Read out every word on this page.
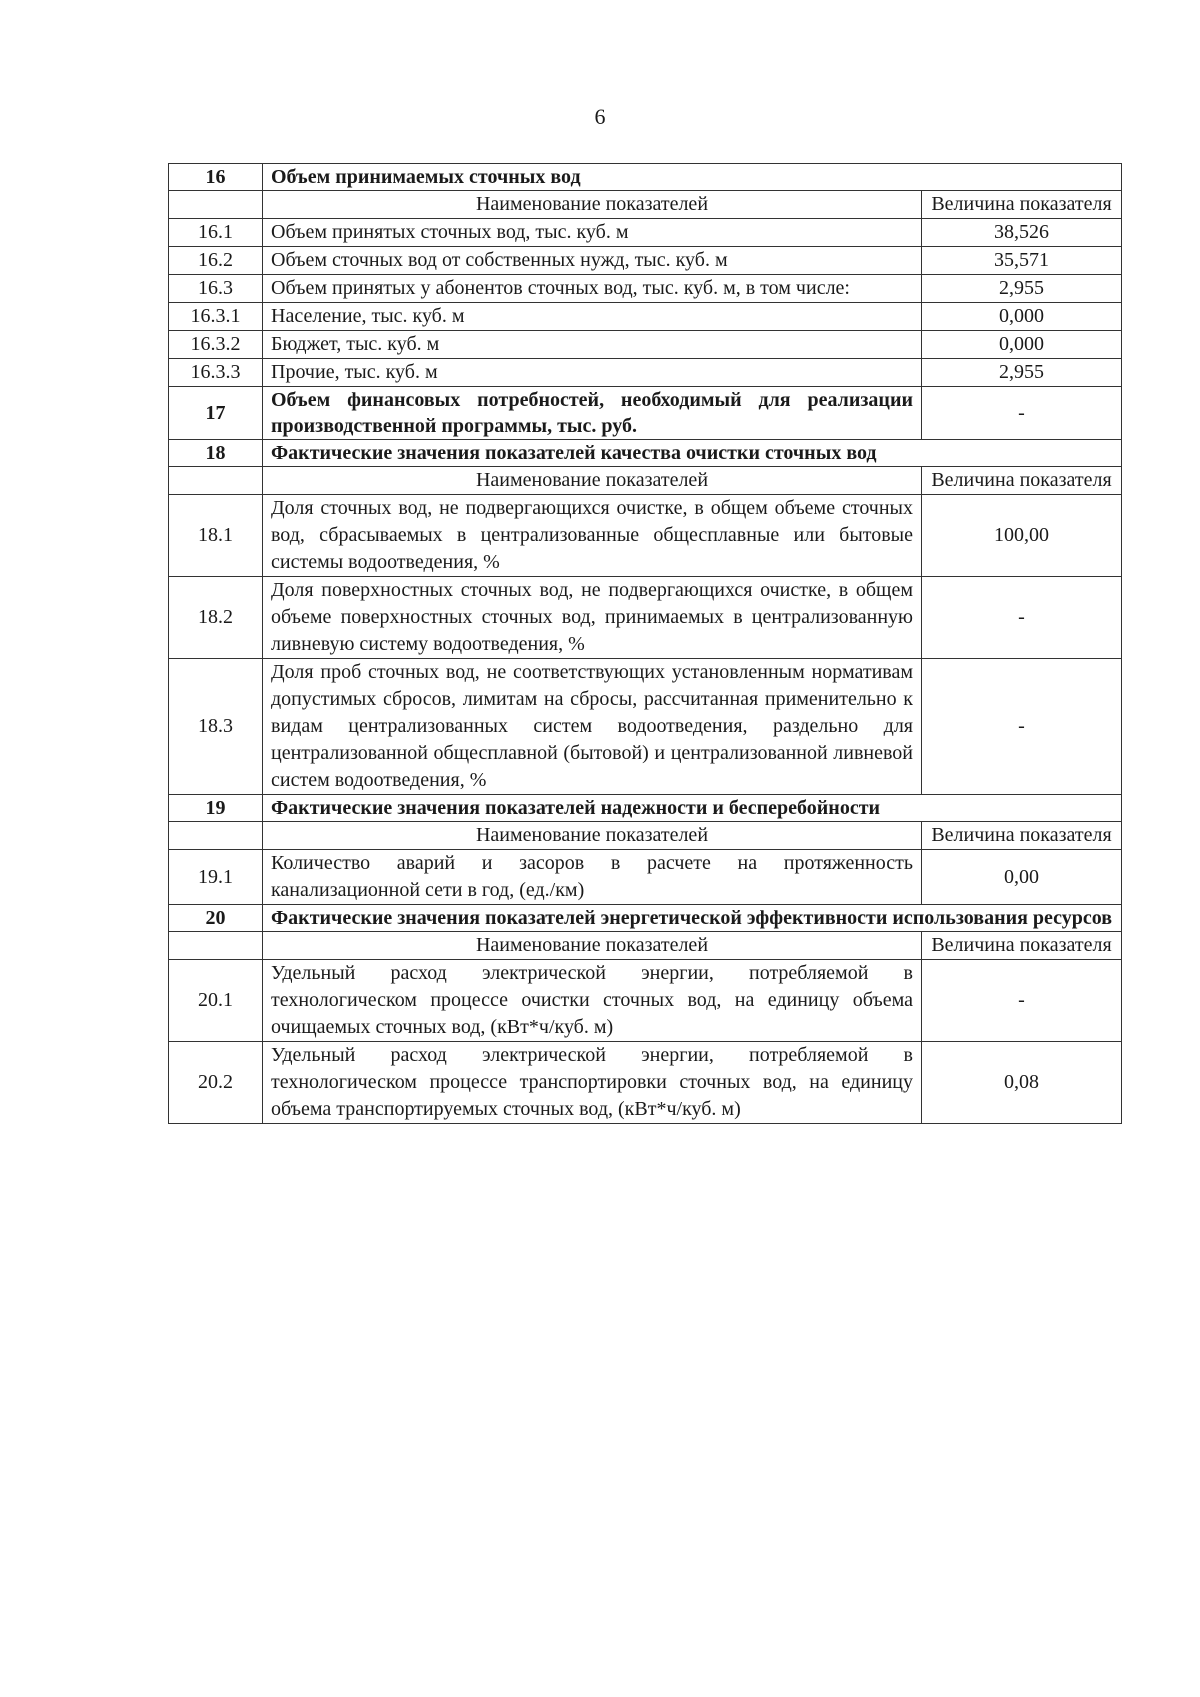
6
16	Объем принимаемых сточных вод	
	Наименование показателей	Величина показателя
16.1	Объем принятых сточных вод, тыс. куб. м	38,526
16.2	Объем сточных вод от собственных нужд, тыс. куб. м	35,571
16.3	Объем принятых у абонентов сточных вод, тыс. куб. м, в том числе:	2,955
16.3.1	Население, тыс. куб. м	0,000
16.3.2	Бюджет, тыс. куб. м	0,000
16.3.3	Прочие, тыс. куб. м	2,955
17	Объем финансовых потребностей, необходимый для реализации производственной программы, тыс. руб.	-
18	Фактические значения показателей качества очистки сточных вод	
	Наименование показателей	Величина показателя
18.1	Доля сточных вод, не подвергающихся очистке, в общем объеме сточных вод, сбрасываемых в централизованные общесплавные или бытовые системы водоотведения, %	100,00
18.2	Доля поверхностных сточных вод, не подвергающихся очистке, в общем объеме поверхностных сточных вод, принимаемых в централизованную ливневую систему водоотведения, %	-
18.3	Доля проб сточных вод, не соответствующих установленным нормативам допустимых сбросов, лимитам на сбросы, рассчитанная применительно к видам централизованных систем водоотведения, раздельно для централизованной общесплавной (бытовой) и централизованной ливневой систем водоотведения, %	-
19	Фактические значения показателей надежности и бесперебойности	
	Наименование показателей	Величина показателя
19.1	Количество аварий и засоров в расчете на протяженность канализационной сети в год, (ед./км)	0,00
20	Фактические значения показателей энергетической эффективности использования ресурсов	
	Наименование показателей	Величина показателя
20.1	Удельный расход электрической энергии, потребляемой в технологическом процессе очистки сточных вод, на единицу объема очищаемых сточных вод, (кВт*ч/куб. м)	-
20.2	Удельный расход электрической энергии, потребляемой в технологическом процессе транспортировки сточных вод, на единицу объема транспортируемых сточных вод, (кВт*ч/куб. м)	0,08
